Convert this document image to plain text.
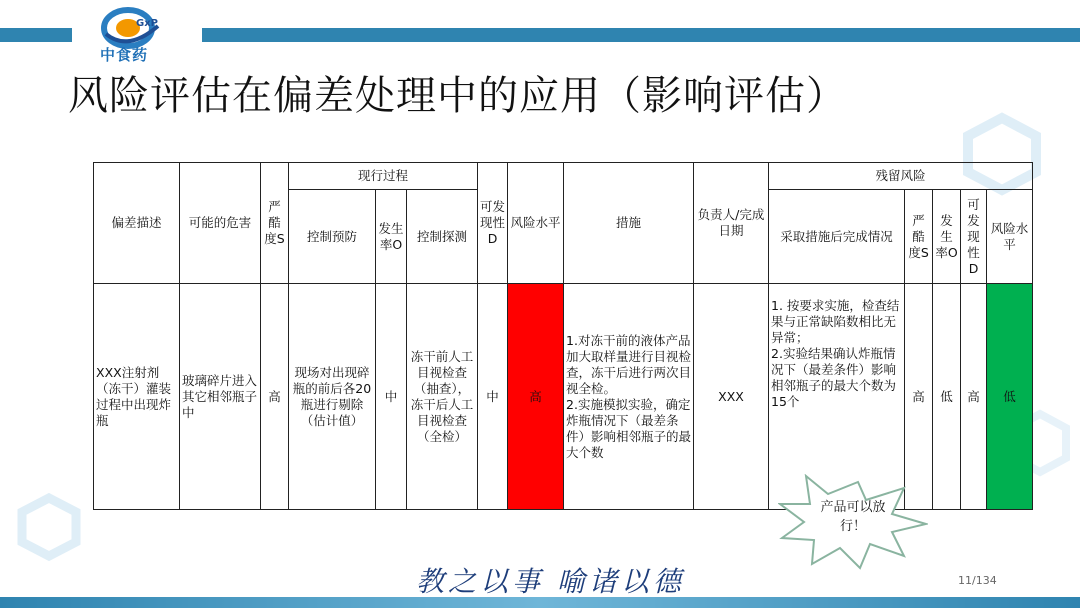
GxP
中食药
风险评估在偏差处理中的应用（影响评估）
偏差描述	可能的危害	严酷度S	现行过程			可发现性D	风险水平	措施	负责人/完成日期	残留风险				
			控制预防	发生率O	控制探测					采取措施后完成情况	严酷度S	发生率O	可发现性D	风险水平
XXX注射剂（冻干）灌装过程中出现炸瓶	玻璃碎片进入其它相邻瓶子中	高	现场对出现碎瓶的前后各20瓶进行剔除（估计值）	中	冻干前人工目视检查（抽查），冻干后人工目视检查（全检）	中	高	1.对冻干前的液体产品加大取样量进行目视检查，冻干后进行两次目视全检。
2.实施模拟实验，确定炸瓶情况下（最差条件）影响相邻瓶子的最大个数	XXX	1. 按要求实施，检查结果与正常缺陷数相比无异常；
2.实验结果确认炸瓶情况下（最差条件）影响相邻瓶子的最大个数为15个	高	低	高	低
产品可以放行！
教之以事 喻诸以德	11/134
